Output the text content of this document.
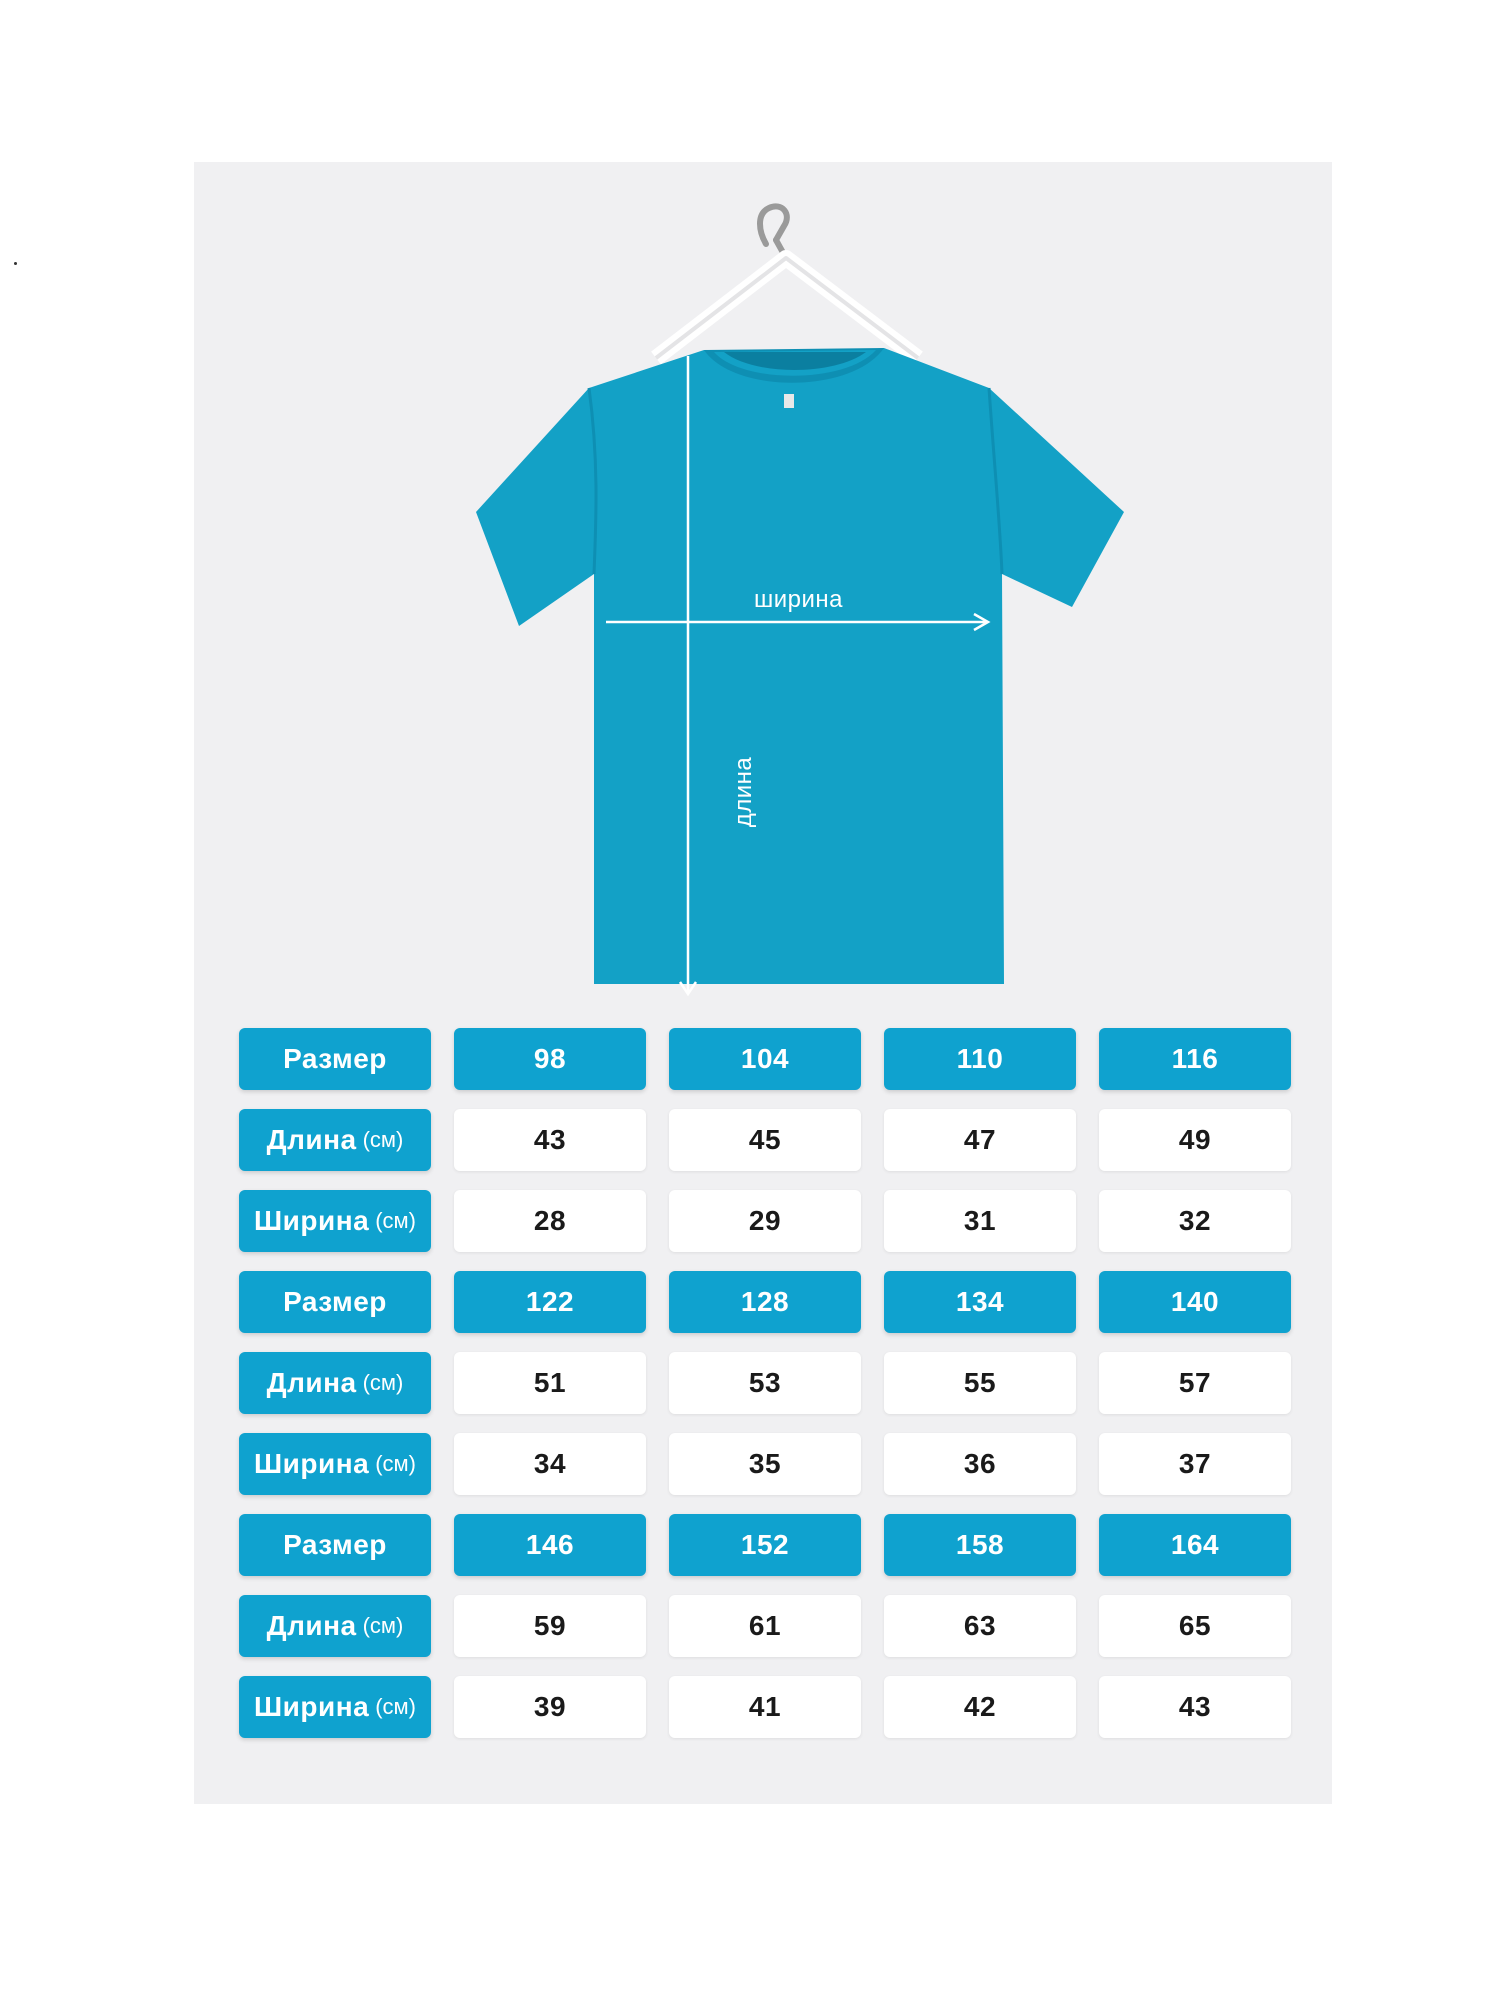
ширина
длина
Размер	98	104	110	116
Длина (см)	43	45	47	49
Ширина (см)	28	29	31	32
Размер	122	128	134	140
Длина (см)	51	53	55	57
Ширина (см)	34	35	36	37
Размер	146	152	158	164
Длина (см)	59	61	63	65
Ширина (см)	39	41	42	43
